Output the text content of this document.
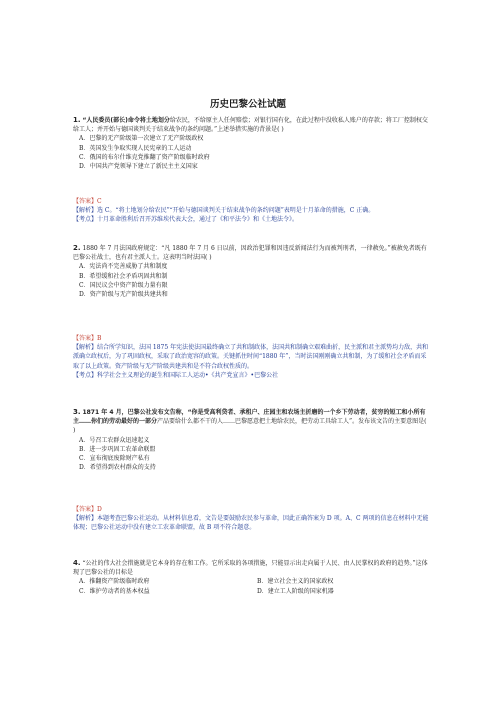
历史巴黎公社试题
1. “人民委员(部长)命令将土地划分给农民，不给原主人任何赔偿；对银行国有化，在此过程中没收私人账户的存款；将工厂控制权交给工人；并开始与德国谈判关于结束战争的条约问题。”上述举措实施的背景是( )
A．巴黎的无产阶级第一次建立了无产阶级政权
B．英国发生争取实现人民宪章的工人运动
C．俄国的布尔什维克党推翻了资产阶级临时政府
D．中国共产党领导下建立了新民主主义国家
【答案】C
【解析】选 C。“将土地划分给农民”“开始与德国谈判关于结束战争的条约问题”表明是十月革命的措施，C 正确。
【考点】十月革命胜利后召开苏维埃代表大会，通过了《和平法令》和《土地法令》。
2. 1880 年 7 月法国政府规定：“凡 1880 年 7 月 6 日以前，因政治犯罪和因违反新闻法行为而被判刑者，一律赦免。”被赦免者既有巴黎公社战士，也有君主派人士。这表明当时法国( )
A．宪法尚不完善威胁了共和制度
B．希望缓和社会矛盾巩固共和制
C．国民议会中资产阶级力量有限
D．资产阶级与无产阶级共建共和
【答案】B
【解析】结合所学知识，法国 1875 年宪法使法国最终确立了共和制政体，法国共和制确立艰难曲折，民主派和君主派势均力敌，共和派确立政权后，为了巩固政权，采取了政治宽容的政策。关键抓住时间“1880 年”，当时法国刚刚确立共和制，为了缓和社会矛盾而采取了以上政策。资产阶级与无产阶级共建共和是不符合政权性质的。
【考点】科学社会主义理论的诞生和国际工人运动•《共产党宣言》•巴黎公社
3. 1871 年 4 月，巴黎公社发布文告称，“你是受高利贷者、承租户、庄园主和农场主折磨的一个乡下劳动者，贫穷的短工和小所有主……你们的劳动最好的一部分产品要给什么都不干的人……巴黎愿意把土地给农民，把劳动工具给工人”。发布该文告的主要意图是( )
A．号召工农群众迅速起义
B．进一步巩固工农革命联盟
C．宣布彻底废除财产私有
D．希望得到农村群众的支持
【答案】D
【解析】本题考查巴黎公社运动。从材料信息看，文告是要鼓励农民参与革命，因此正确答案为 D 项。A、C 两项的信息在材料中无能体现；巴黎公社运动中没有建立工农革命联盟，故 B 项不符合题意。
4. “公社的伟大社会措施就是它本身的存在和工作。它所采取的各项措施，只能显示出走向属于人民、由人民掌权的政府的趋势。”这体现了巴黎公社的目标是
A．推翻资产阶级临时政府	B．建立社会主义的国家政权
C．维护劳动者的基本权益	D．建立工人阶级的国家机器
